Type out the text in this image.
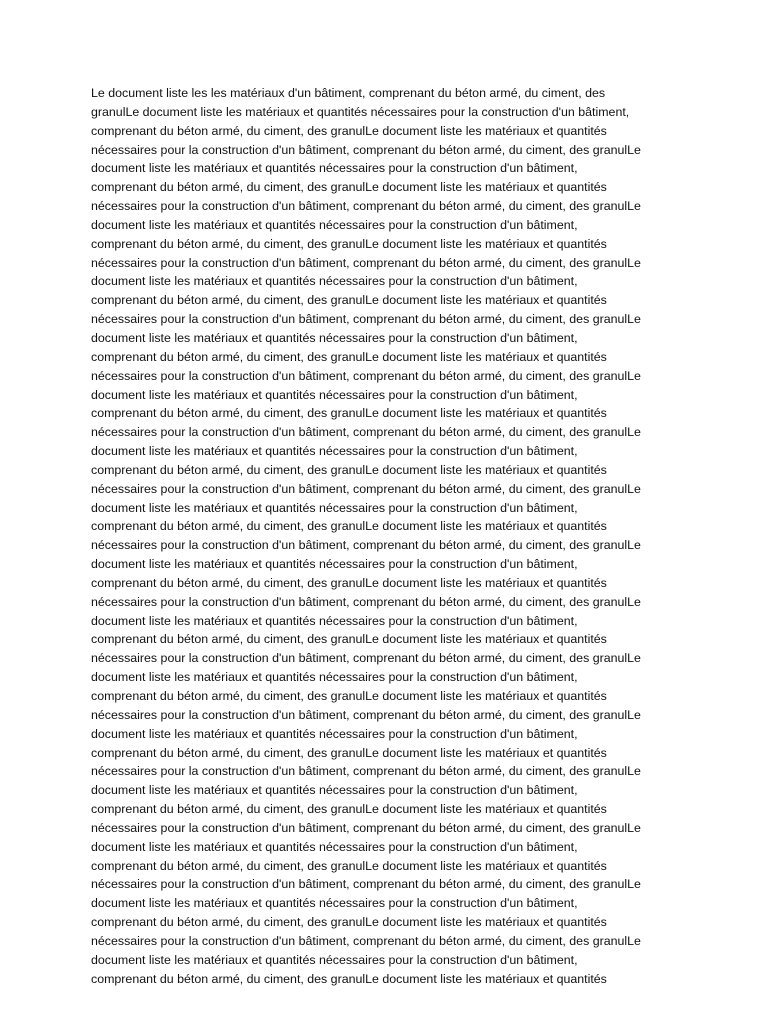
Le document liste les les matériaux d'un bâtiment, comprenant du béton armé, du ciment, des
granulLe document liste les matériaux et quantités nécessaires pour la construction d'un bâtiment,
comprenant du béton armé, du ciment, des granulLe document liste les matériaux et quantités
nécessaires pour la construction d'un bâtiment, comprenant du béton armé, du ciment, des granulLe
document liste les matériaux et quantités nécessaires pour la construction d'un bâtiment,
comprenant du béton armé, du ciment, des granulLe document liste les matériaux et quantités
nécessaires pour la construction d'un bâtiment, comprenant du béton armé, du ciment, des granulLe
document liste les matériaux et quantités nécessaires pour la construction d'un bâtiment,
comprenant du béton armé, du ciment, des granulLe document liste les matériaux et quantités
nécessaires pour la construction d'un bâtiment, comprenant du béton armé, du ciment, des granulLe
document liste les matériaux et quantités nécessaires pour la construction d'un bâtiment,
comprenant du béton armé, du ciment, des granulLe document liste les matériaux et quantités
nécessaires pour la construction d'un bâtiment, comprenant du béton armé, du ciment, des granulLe
document liste les matériaux et quantités nécessaires pour la construction d'un bâtiment,
comprenant du béton armé, du ciment, des granulLe document liste les matériaux et quantités
nécessaires pour la construction d'un bâtiment, comprenant du béton armé, du ciment, des granulLe
document liste les matériaux et quantités nécessaires pour la construction d'un bâtiment,
comprenant du béton armé, du ciment, des granulLe document liste les matériaux et quantités
nécessaires pour la construction d'un bâtiment, comprenant du béton armé, du ciment, des granulLe
document liste les matériaux et quantités nécessaires pour la construction d'un bâtiment,
comprenant du béton armé, du ciment, des granulLe document liste les matériaux et quantités
nécessaires pour la construction d'un bâtiment, comprenant du béton armé, du ciment, des granulLe
document liste les matériaux et quantités nécessaires pour la construction d'un bâtiment,
comprenant du béton armé, du ciment, des granulLe document liste les matériaux et quantités
nécessaires pour la construction d'un bâtiment, comprenant du béton armé, du ciment, des granulLe
document liste les matériaux et quantités nécessaires pour la construction d'un bâtiment,
comprenant du béton armé, du ciment, des granulLe document liste les matériaux et quantités
nécessaires pour la construction d'un bâtiment, comprenant du béton armé, du ciment, des granulLe
document liste les matériaux et quantités nécessaires pour la construction d'un bâtiment,
comprenant du béton armé, du ciment, des granulLe document liste les matériaux et quantités
nécessaires pour la construction d'un bâtiment, comprenant du béton armé, du ciment, des granulLe
document liste les matériaux et quantités nécessaires pour la construction d'un bâtiment,
comprenant du béton armé, du ciment, des granulLe document liste les matériaux et quantités
nécessaires pour la construction d'un bâtiment, comprenant du béton armé, du ciment, des granulLe
document liste les matériaux et quantités nécessaires pour la construction d'un bâtiment,
comprenant du béton armé, du ciment, des granulLe document liste les matériaux et quantités
nécessaires pour la construction d'un bâtiment, comprenant du béton armé, du ciment, des granulLe
document liste les matériaux et quantités nécessaires pour la construction d'un bâtiment,
comprenant du béton armé, du ciment, des granulLe document liste les matériaux et quantités
nécessaires pour la construction d'un bâtiment, comprenant du béton armé, du ciment, des granulLe
document liste les matériaux et quantités nécessaires pour la construction d'un bâtiment,
comprenant du béton armé, du ciment, des granulLe document liste les matériaux et quantités
nécessaires pour la construction d'un bâtiment, comprenant du béton armé, du ciment, des granulLe
document liste les matériaux et quantités nécessaires pour la construction d'un bâtiment,
comprenant du béton armé, du ciment, des granulLe document liste les matériaux et quantités
nécessaires pour la construction d'un bâtiment, comprenant du béton armé, du ciment, des granulLe
document liste les matériaux et quantités nécessaires pour la construction d'un bâtiment,
comprenant du béton armé, du ciment, des granulLe document liste les matériaux et quantités
